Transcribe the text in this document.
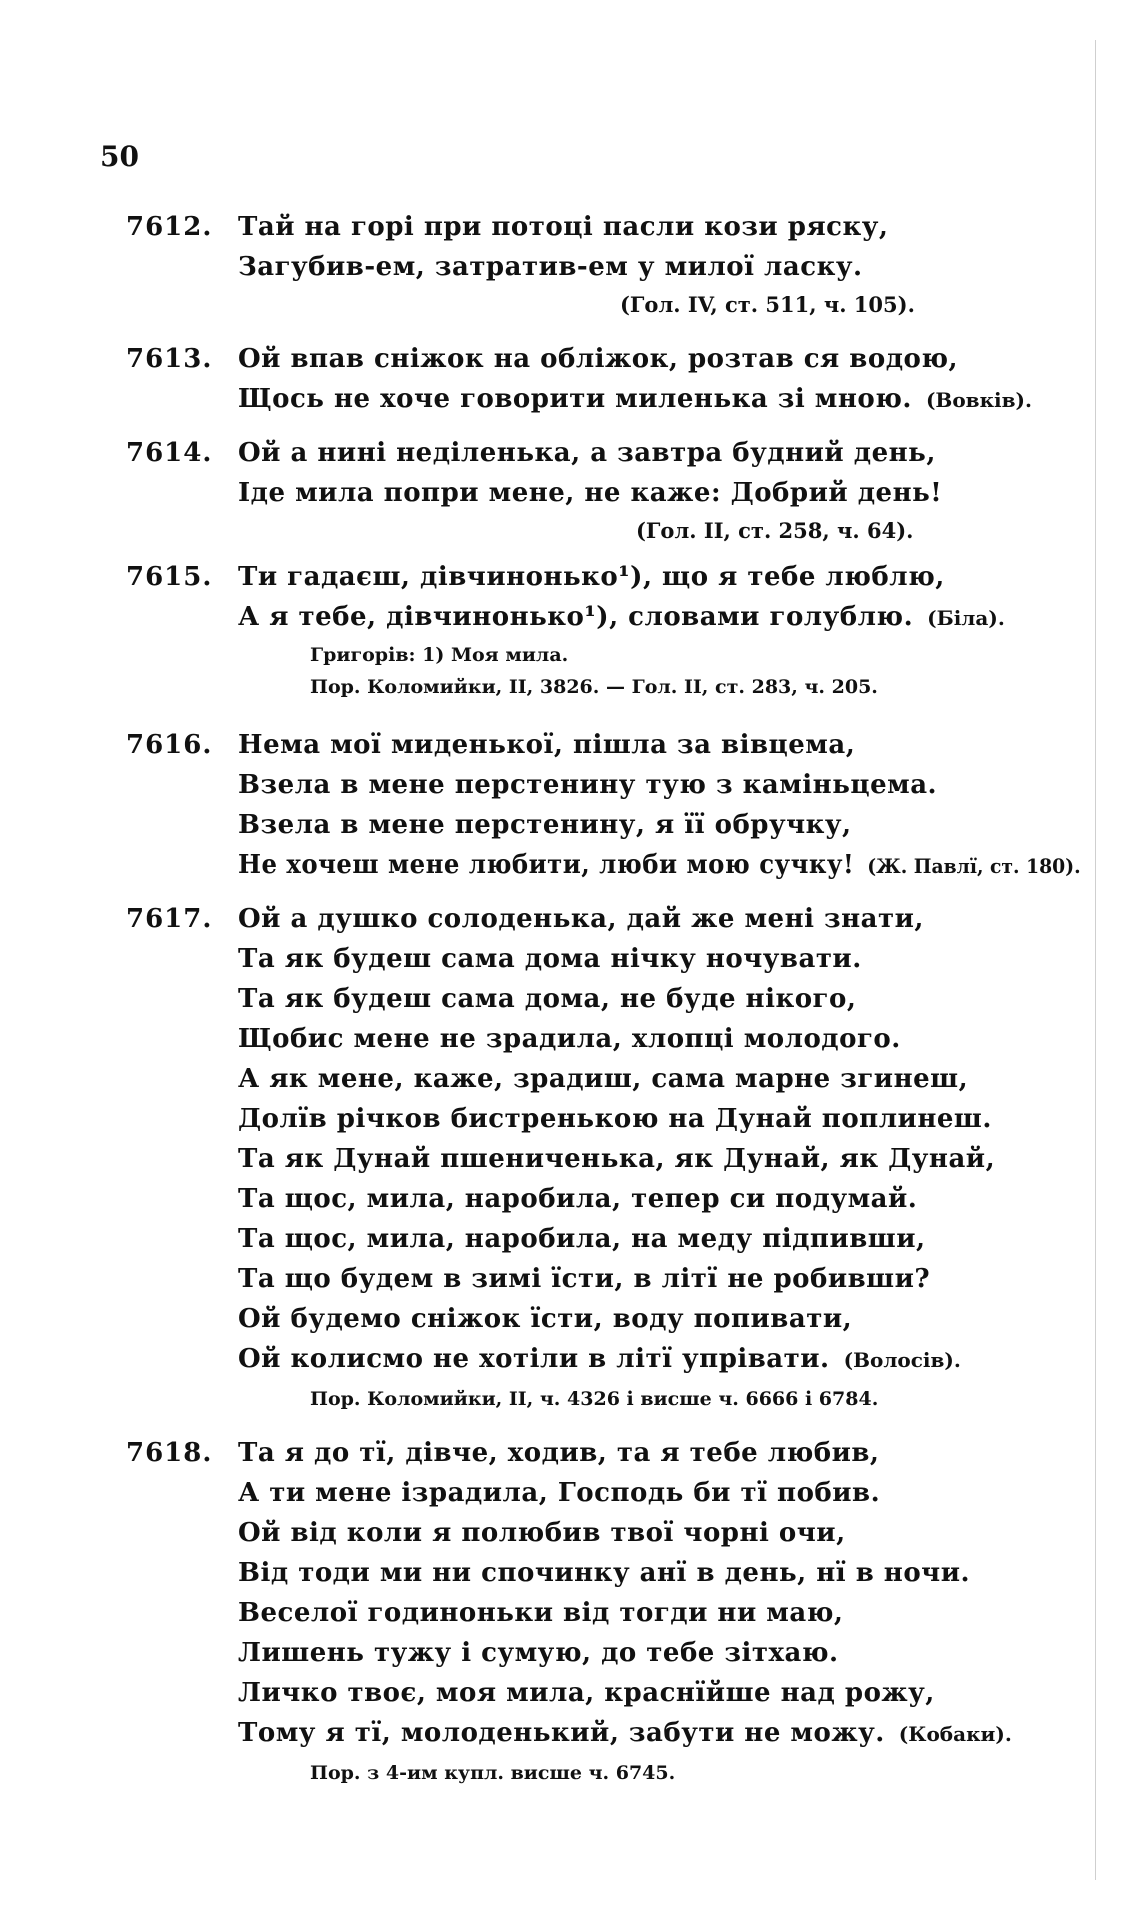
50
7612. Тай на горі при потоці пасли кози ряску,
Загубив-ем, затратив-ем у милої ласку.
(Гол. IV, ст. 511, ч. 105).
7613. Ой впав сніжок на обліжок, розтав ся водою,
Щось не хоче говорити миленька зі мною. (Вовків).
7614. Ой а нині неділенька, а завтра будний день,
Іде мила попри мене, не каже: Добрий день!
(Гол. II, ст. 258, ч. 64).
7615. Ти гадаєш, дівчинонько¹), що я тебе люблю,
А я тебе, дівчинонько¹), словами голублю. (Біла).
Григорів: 1) Моя мила.
Пор. Коломийки, II, 3826. — Гол. II, ст. 283, ч. 205.
7616. Нема мої миденької, пішла за вівцема,
Взела в мене перстенину тую з каміньцема.
Взела в мене перстенину, я її обручку,
Не хочеш мене любити, люби мою сучку! (Ж. Павлї, ст. 180).
7617. Ой а душко солоденька, дай же мені знати,
Та як будеш сама дома нічку ночувати.
Та як будеш сама дома, не буде нікого,
Щобис мене не зрадила, хлопці молодого.
А як мене, каже, зрадиш, сама марне згинеш,
Долїв річков бистренькою на Дунай поплинеш.
Та як Дунай пшениченька, як Дунай, як Дунай,
Та щос, мила, наробила, тепер си подумай.
Та щос, мила, наробила, на меду підпивши,
Та що будем в зимі їсти, в літї не робивши?
Ой будемо сніжок їсти, воду попивати,
Ой колисмо не хотіли в літї упрівати. (Волосів).
Пор. Коломийки, II, ч. 4326 і висше ч. 6666 і 6784.
7618. Та я до тї, дівче, ходив, та я тебе любив,
А ти мене ізрадила, Господь би тї побив.
Ой від коли я полюбив твої чорні очи,
Від тоди ми ни спочинку анї в день, нї в ночи.
Веселої годиноньки від тогди ни маю,
Лишень тужу і сумую, до тебе зітхаю.
Личко твоє, моя мила, краснїйше над рожу,
Тому я тї, молоденький, забути не можу. (Кобаки).
Пор. з 4-им купл. висше ч. 6745.
